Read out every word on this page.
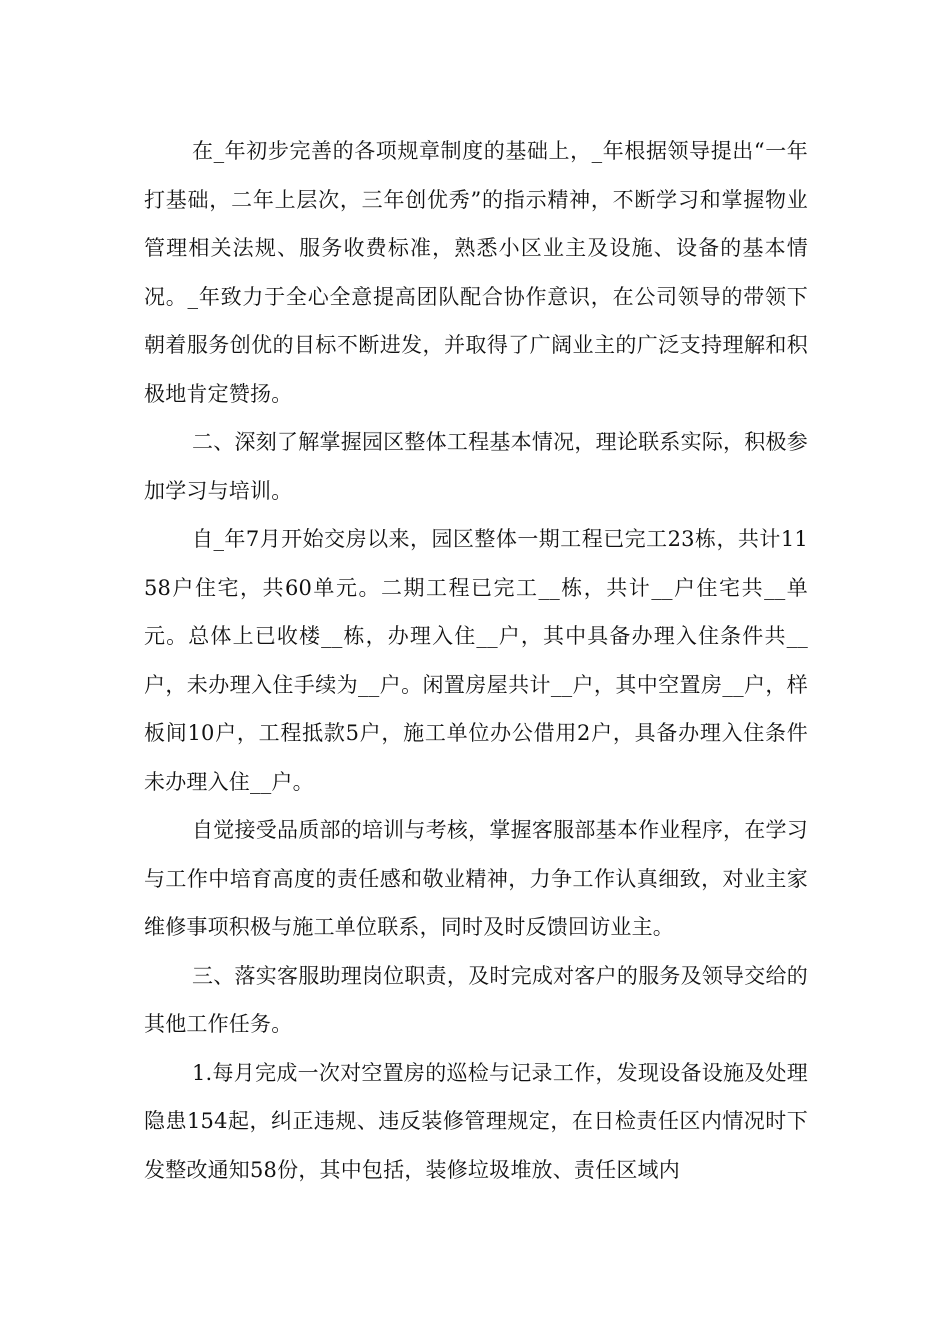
在_年初步完善的各项规章制度的基础上，_年根据领导提出“一年打基础，二年上层次，三年创优秀”的指示精神，不断学习和掌握物业管理相关法规、服务收费标准，熟悉小区业主及设施、设备的基本情况。_年致力于全心全意提高团队配合协作意识，在公司领导的带领下朝着服务创优的目标不断进发，并取得了广阔业主的广泛支持理解和积极地肯定赞扬。

二、深刻了解掌握园区整体工程基本情况，理论联系实际，积极参加学习与培训。

自_年7月开始交房以来，园区整体一期工程已完工23栋，共计1158户住宅，共60单元。二期工程已完工__栋，共计__户住宅共__单元。总体上已收楼__栋，办理入住__户，其中具备办理入住条件共__户，未办理入住手续为__户。闲置房屋共计__户，其中空置房__户，样板间10户，工程抵款5户，施工单位办公借用2户，具备办理入住条件未办理入住__户。

自觉接受品质部的培训与考核，掌握客服部基本作业程序，在学习与工作中培育高度的责任感和敬业精神，力争工作认真细致，对业主家维修事项积极与施工单位联系，同时及时反馈回访业主。

三、落实客服助理岗位职责，及时完成对客户的服务及领导交给的其他工作任务。

1.每月完成一次对空置房的巡检与记录工作，发现设备设施及处理隐患154起，纠正违规、违反装修管理规定，在日检责任区内情况时下发整改通知58份，其中包括，装修垃圾堆放、责任区域内
